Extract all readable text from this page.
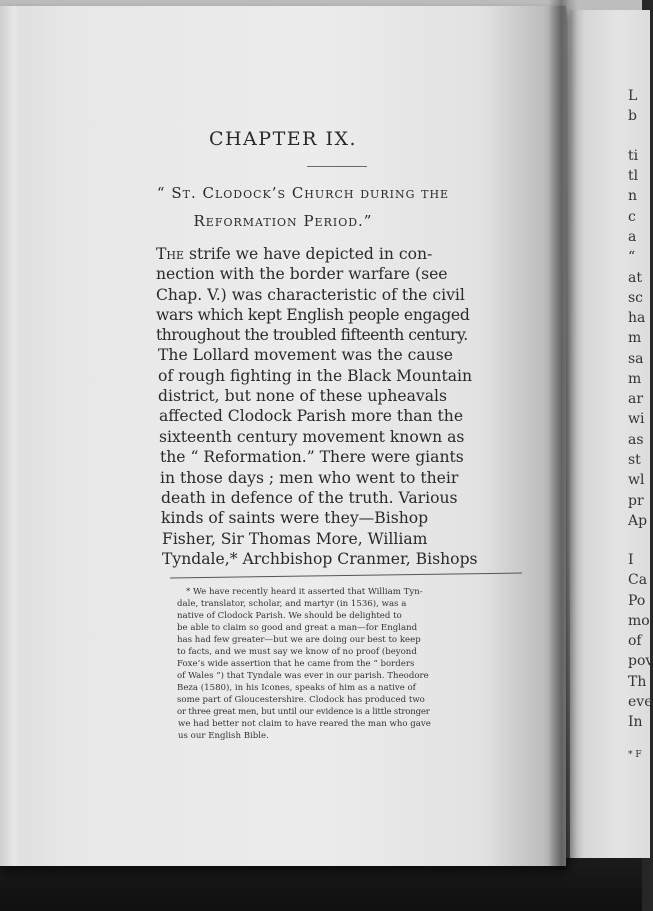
L
b
ti
tl
n
c
a
“
at
sc
ha
m
sa
m
ar
wi
as
st
wl
pr
Ap
I
Ca
Po
mo
of
pov
Th
eve
In
* F
CHAPTER IX.
“ St. Clodock’s Church during the
Reformation Period.”
The strife we have depicted in con-
nection with the border warfare (see
Chap. V.) was characteristic of the civil
wars which kept English people engaged
throughout the troubled fifteenth century.
The Lollard movement was the cause
of rough fighting in the Black Mountain
district, but none of these upheavals
affected Clodock Parish more than the
sixteenth century movement known as
the “ Reformation.” There were giants
in those days ; men who went to their
death in defence of the truth. Various
kinds of saints were they—Bishop
Fisher, Sir Thomas More, William
Tyndale,* Archbishop Cranmer, Bishops
* We have recently heard it asserted that William Tyn-
dale, translator, scholar, and martyr (in 1536), was a
native of Clodock Parish. We should be delighted to
be able to claim so good and great a man—for England
has had few greater—but we are doing our best to keep
to facts, and we must say we know of no proof (beyond
Foxe’s wide assertion that he came from the “ borders
of Wales ”) that Tyndale was ever in our parish. Theodore
Beza (1580), in his Icones, speaks of him as a native of
some part of Gloucestershire. Clodock has produced two
or three great men, but until our evidence is a little stronger
we had better not claim to have reared the man who gave
us our English Bible.
